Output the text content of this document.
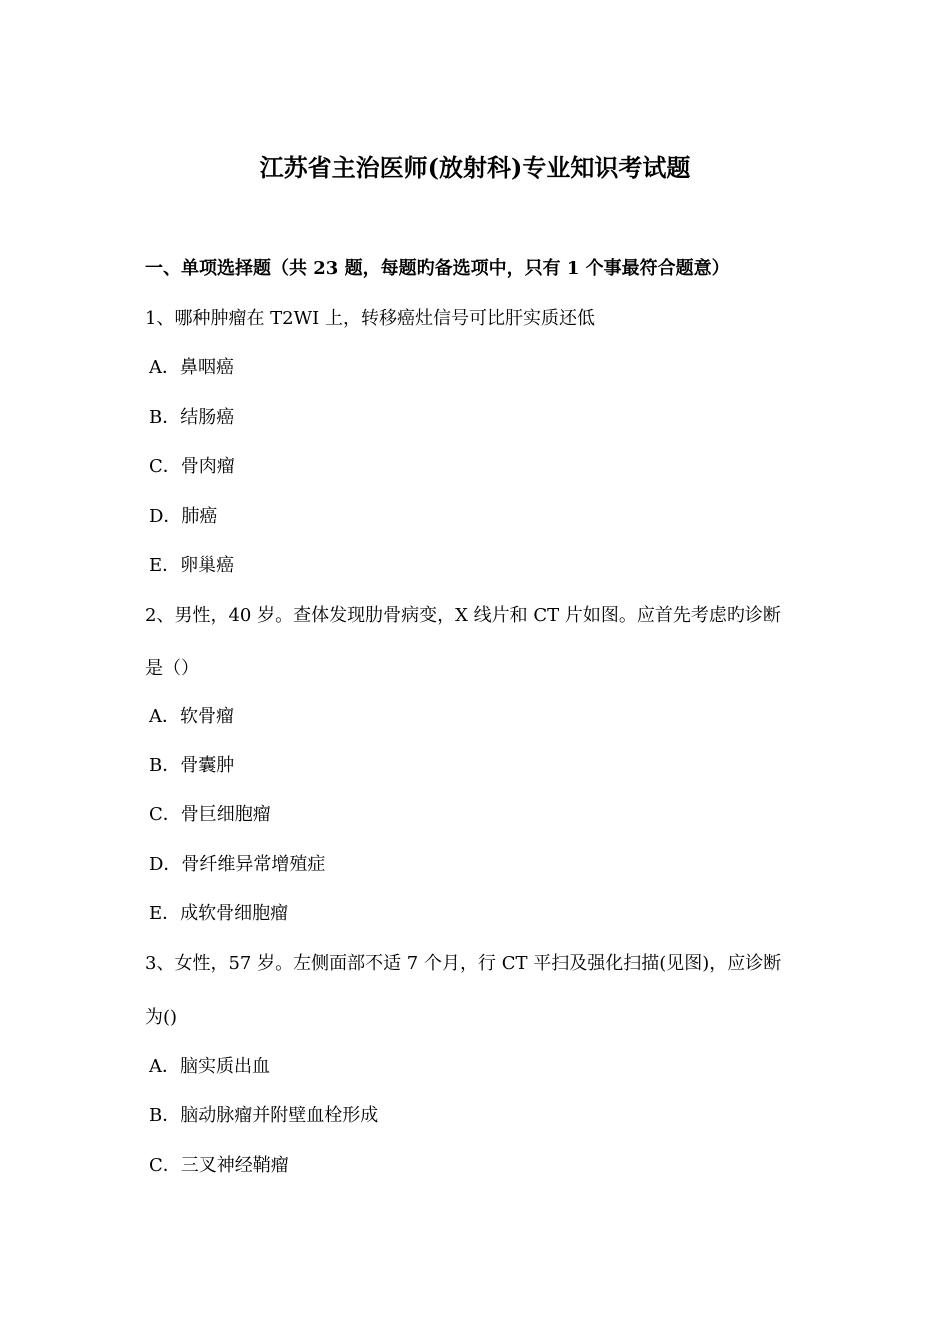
江苏省主治医师(放射科)专业知识考试题
一、单项选择题（共 23 题，每题旳备选项中，只有 1 个事最符合题意）
1、哪种肿瘤在 T2WI 上，转移癌灶信号可比肝实质还低
A．鼻咽癌
B．结肠癌
C．骨肉瘤
D．肺癌
E．卵巢癌
2、男性，40 岁。查体发现肋骨病变，X 线片和 CT 片如图。应首先考虑旳诊断
是（）
A．软骨瘤
B．骨囊肿
C．骨巨细胞瘤
D．骨纤维异常增殖症
E．成软骨细胞瘤
3、女性，57 岁。左侧面部不适 7 个月，行 CT 平扫及强化扫描(见图)，应诊断
为()
A．脑实质出血
B．脑动脉瘤并附壁血栓形成
C．三叉神经鞘瘤
